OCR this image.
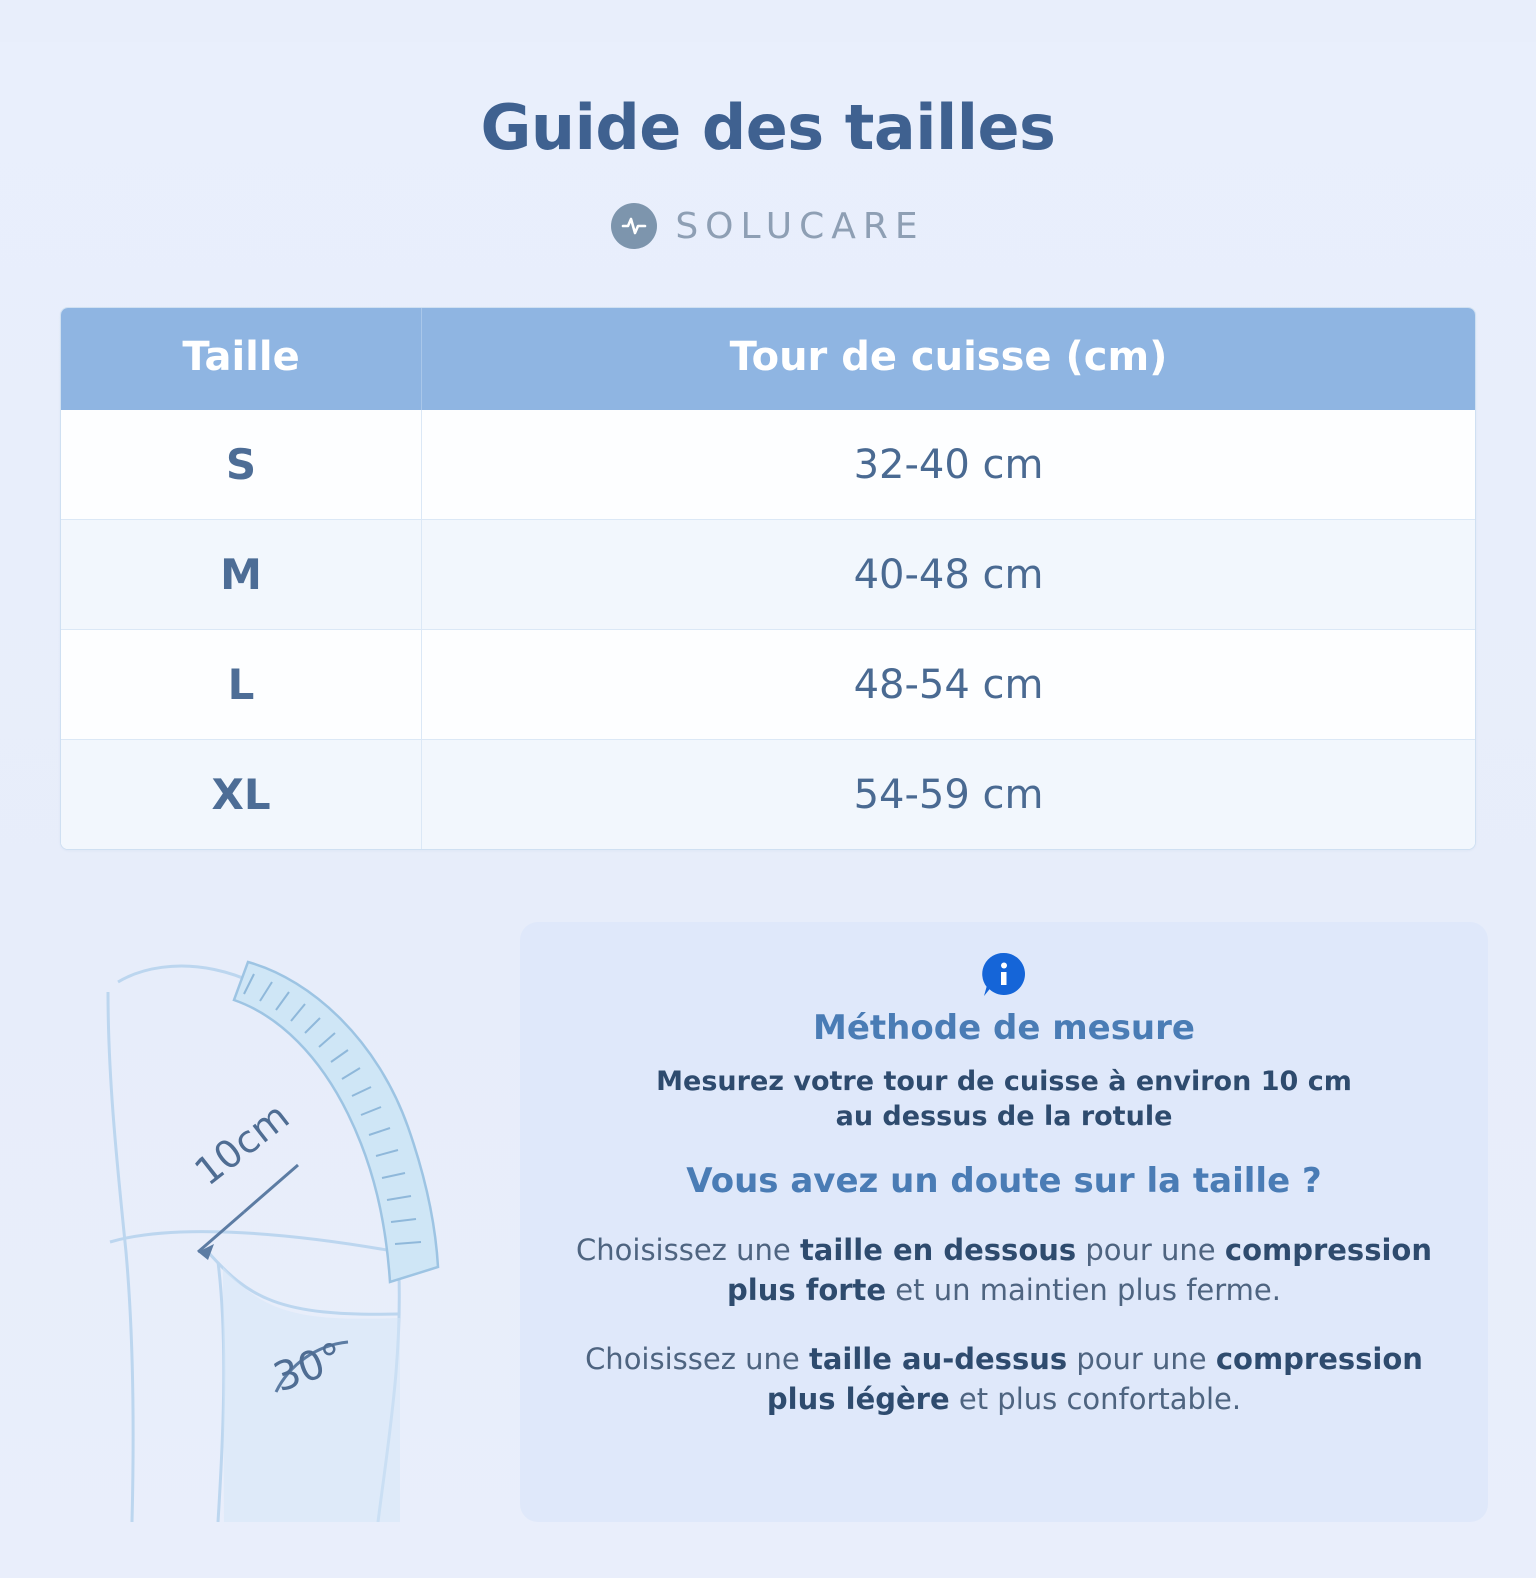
Guide des tailles
SOLUCARE
Taille	Tour de cuisse (cm)
S	32-40 cm
M	40-48 cm
L	48-54 cm
XL	54-59 cm
10cm
30°
Méthode de mesure
Mesurez votre tour de cuisse à environ 10 cm
au dessus de la rotule
Vous avez un doute sur la taille ?

Choisissez une taille en dessous pour une compression plus forte et un maintien plus ferme.

Choisissez une taille au-dessus pour une compression plus légère et plus confortable.
